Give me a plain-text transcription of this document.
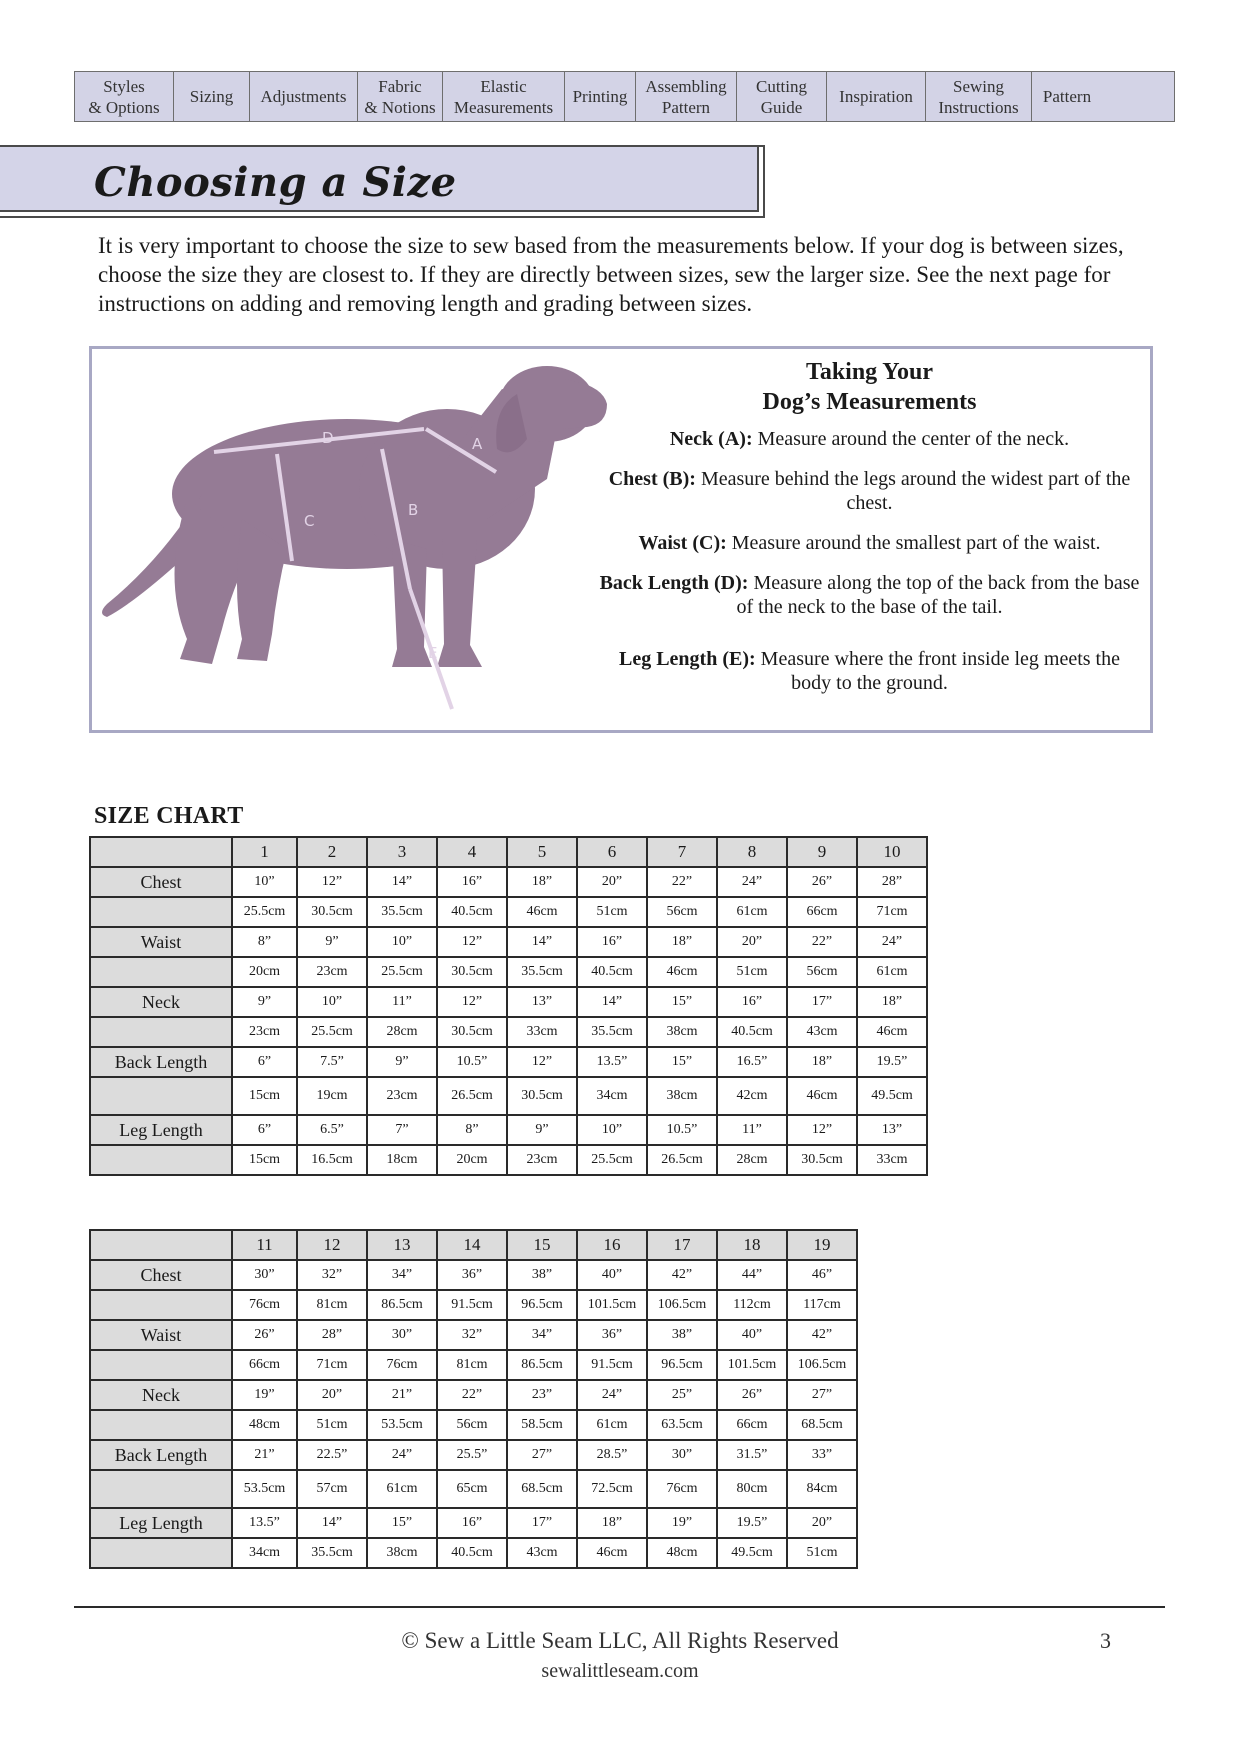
Styles
& Options
Sizing	Adjustments
Fabric
& Notions
Elastic
Measurements
Printing
Assembling
Pattern
Cutting
Guide
Inspiration
Sewing
Instructions
Pattern
Choosing a Size
It is very important to choose the size to sew based from the measurements below. If your dog is between sizes, choose the size they are closest to. If they are directly between sizes, sew the larger size. See the next page for instructions on adding and removing length and grading between sizes.
D	A
C
B
E
Taking Your
Dog’s Measurements
Neck (A): Measure around the center of the neck.
Chest (B): Measure behind the legs around the widest part of the chest.
Waist (C): Measure around the smallest part of the waist.
Back Length (D): Measure along the top of the back from the base of the neck to the base of the tail.
Leg Length (E): Measure where the front inside leg meets the body to the ground.
SIZE CHART
	1	2	3	4	5	6	7	8	9	10
Chest	10”	12”	14”	16”	18”	20”	22”	24”	26”	28”
	25.5cm	30.5cm	35.5cm	40.5cm	46cm	51cm	56cm	61cm	66cm	71cm
Waist	8”	9”	10”	12”	14”	16”	18”	20”	22”	24”
	20cm	23cm	25.5cm	30.5cm	35.5cm	40.5cm	46cm	51cm	56cm	61cm
Neck	9”	10”	11”	12”	13”	14”	15”	16”	17”	18”
	23cm	25.5cm	28cm	30.5cm	33cm	35.5cm	38cm	40.5cm	43cm	46cm
Back Length	6”	7.5”	9”	10.5”	12”	13.5”	15”	16.5”	18”	19.5”
	15cm	19cm	23cm	26.5cm	30.5cm	34cm	38cm	42cm	46cm	49.5cm
Leg Length	6”	6.5”	7”	8”	9”	10”	10.5”	11”	12”	13”
	15cm	16.5cm	18cm	20cm	23cm	25.5cm	26.5cm	28cm	30.5cm	33cm
	11	12	13	14	15	16	17	18	19
Chest	30”	32”	34”	36”	38”	40”	42”	44”	46”
	76cm	81cm	86.5cm	91.5cm	96.5cm	101.5cm	106.5cm	112cm	117cm
Waist	26”	28”	30”	32”	34”	36”	38”	40”	42”
	66cm	71cm	76cm	81cm	86.5cm	91.5cm	96.5cm	101.5cm	106.5cm
Neck	19”	20”	21”	22”	23”	24”	25”	26”	27”
	48cm	51cm	53.5cm	56cm	58.5cm	61cm	63.5cm	66cm	68.5cm
Back Length	21”	22.5”	24”	25.5”	27”	28.5”	30”	31.5”	33”
	53.5cm	57cm	61cm	65cm	68.5cm	72.5cm	76cm	80cm	84cm
Leg Length	13.5”	14”	15”	16”	17”	18”	19”	19.5”	20”
	34cm	35.5cm	38cm	40.5cm	43cm	46cm	48cm	49.5cm	51cm
© Sew a Little Seam LLC, All Rights Reserved
sewalittleseam.com
3
